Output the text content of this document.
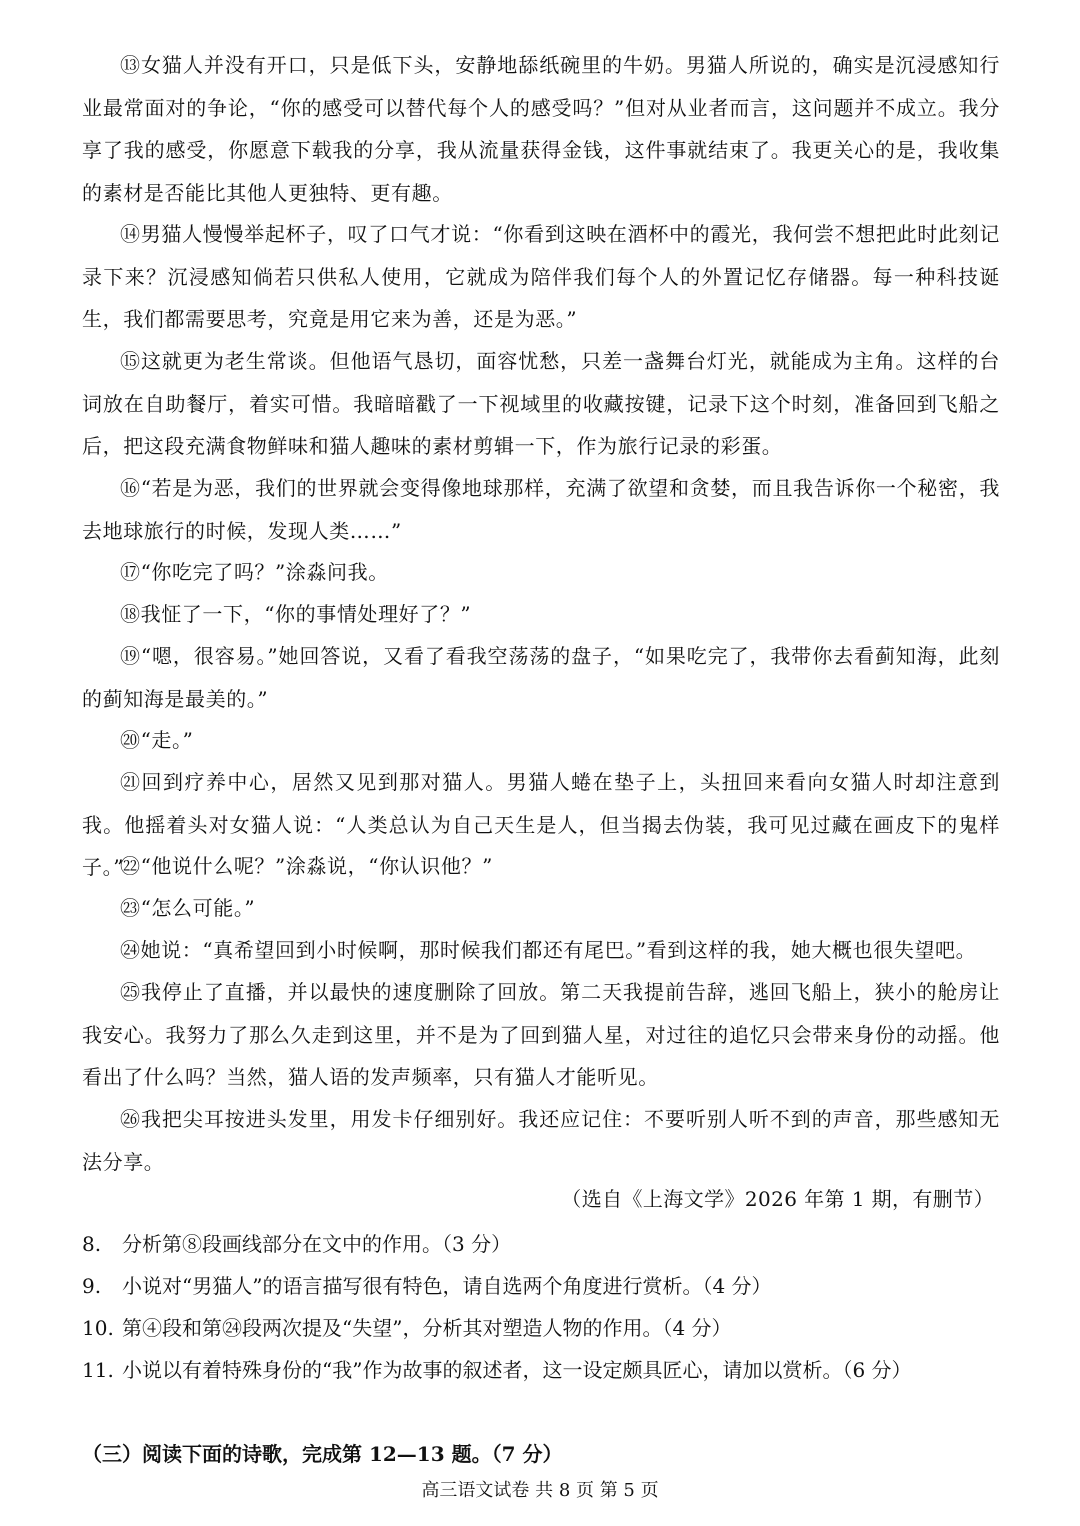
⑬女猫人并没有开口，只是低下头，安静地舔纸碗里的牛奶。男猫人所说的，确实是沉浸感知行业最常面对的争论，“你的感受可以替代每个人的感受吗？”但对从业者而言，这问题并不成立。我分享了我的感受，你愿意下载我的分享，我从流量获得金钱，这件事就结束了。我更关心的是，我收集的素材是否能比其他人更独特、更有趣。

⑭男猫人慢慢举起杯子，叹了口气才说：“你看到这映在酒杯中的霞光，我何尝不想把此时此刻记录下来？沉浸感知倘若只供私人使用，它就成为陪伴我们每个人的外置记忆存储器。每一种科技诞生，我们都需要思考，究竟是用它来为善，还是为恶。”

⑮这就更为老生常谈。但他语气恳切，面容忧愁，只差一盏舞台灯光，就能成为主角。这样的台词放在自助餐厅，着实可惜。我暗暗戳了一下视域里的收藏按键，记录下这个时刻，准备回到飞船之后，把这段充满食物鲜味和猫人趣味的素材剪辑一下，作为旅行记录的彩蛋。

⑯“若是为恶，我们的世界就会变得像地球那样，充满了欲望和贪婪，而且我告诉你一个秘密，我去地球旅行的时候，发现人类……”

⑰“你吃完了吗？”涂淼问我。

⑱我怔了一下，“你的事情处理好了？”

⑲“嗯，很容易。”她回答说，又看了看我空荡荡的盘子，“如果吃完了，我带你去看蓟知海，此刻的蓟知海是最美的。”

⑳“走。”

㉑回到疗养中心，居然又见到那对猫人。男猫人蜷在垫子上，头扭回来看向女猫人时却注意到我。他摇着头对女猫人说：“人类总认为自己天生是人，但当揭去伪装，我可见过藏在画皮下的鬼样子。”

㉒“他说什么呢？”涂淼说，“你认识他？”

㉓“怎么可能。”

㉔她说：“真希望回到小时候啊，那时候我们都还有尾巴。”看到这样的我，她大概也很失望吧。

㉕我停止了直播，并以最快的速度删除了回放。第二天我提前告辞，逃回飞船上，狭小的舱房让我安心。我努力了那么久走到这里，并不是为了回到猫人星，对过往的追忆只会带来身份的动摇。他看出了什么吗？当然，猫人语的发声频率，只有猫人才能听见。

㉖我把尖耳按进头发里，用发卡仔细别好。我还应记住：不要听别人听不到的声音，那些感知无法分享。

（选自《上海文学》2026 年第 1 期，有删节）
8. 分析第⑧段画线部分在文中的作用。（3 分）
9. 小说对“男猫人”的语言描写很有特色，请自选两个角度进行赏析。（4 分）
10. 第④段和第㉔段两次提及“失望”，分析其对塑造人物的作用。（4 分）
11. 小说以有着特殊身份的“我”作为故事的叙述者，这一设定颇具匠心，请加以赏析。（6 分）
（三）阅读下面的诗歌，完成第 12—13 题。（7 分）
高三语文试卷 共 8 页 第 5 页
